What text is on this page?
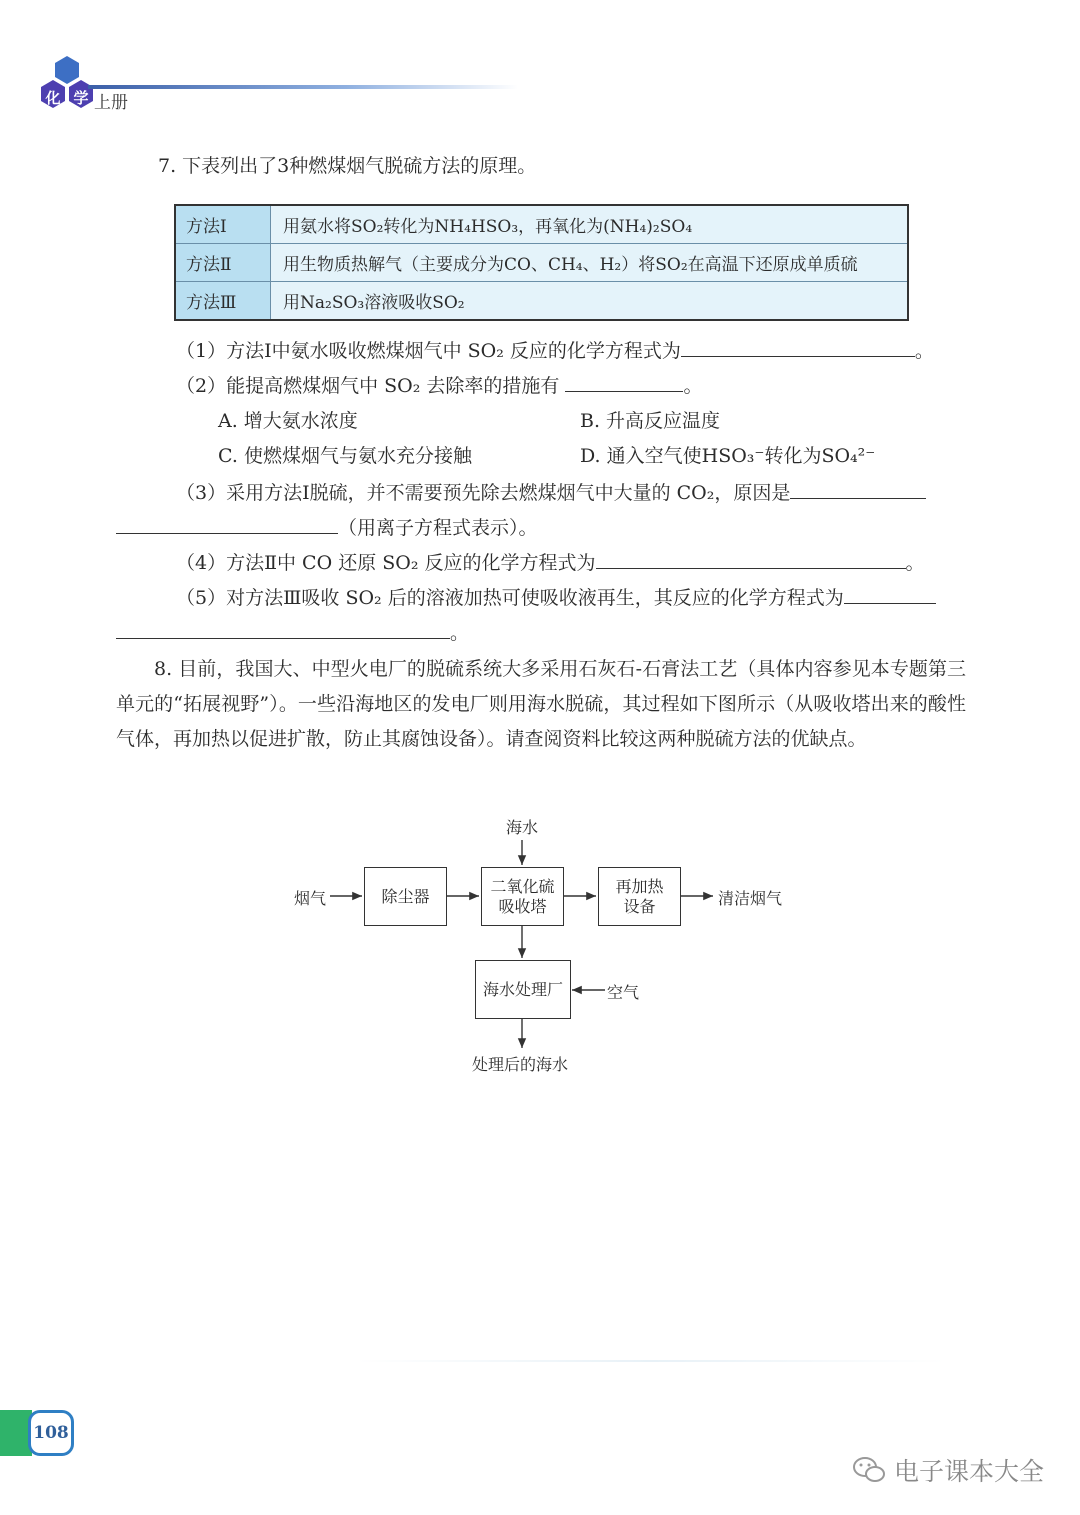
化 学 上册
7. 下表列出了3种燃煤烟气脱硫方法的原理。
方法Ⅰ	用氨水将SO₂转化为NH₄HSO₃，再氧化为(NH₄)₂SO₄
方法Ⅱ	用生物质热解气（主要成分为CO、CH₄、H₂）将SO₂在高温下还原成单质硫
方法Ⅲ	用Na₂SO₃溶液吸收SO₂
（1）方法Ⅰ中氨水吸收燃煤烟气中 SO₂ 反应的化学方程式为	。
（2）能提高燃煤烟气中 SO₂ 去除率的措施有	。
A. 增大氨水浓度	B. 升高反应温度
C. 使燃煤烟气与氨水充分接触	D. 通入空气使HSO₃⁻转化为SO₄²⁻
（3）采用方法Ⅰ脱硫，并不需要预先除去燃煤烟气中大量的 CO₂，原因是
（用离子方程式表示）。
（4）方法Ⅱ中 CO 还原 SO₂ 反应的化学方程式为	。
（5）对方法Ⅲ吸收 SO₂ 后的溶液加热可使吸收液再生，其反应的化学方程式为
。
8. 目前，我国大、中型火电厂的脱硫系统大多采用石灰石-石膏法工艺（具体内容参见本专题第三单元的“拓展视野”）。一些沿海地区的发电厂则用海水脱硫，其过程如下图所示（从吸收塔出来的酸性气体，再加热以促进扩散，防止其腐蚀设备）。请查阅资料比较这两种脱硫方法的优缺点。
海水
烟气	除尘器
二氧化硫
吸收塔
再加热
设备	清洁烟气
海水处理厂	空气
处理后的海水
108
电子课本大全
